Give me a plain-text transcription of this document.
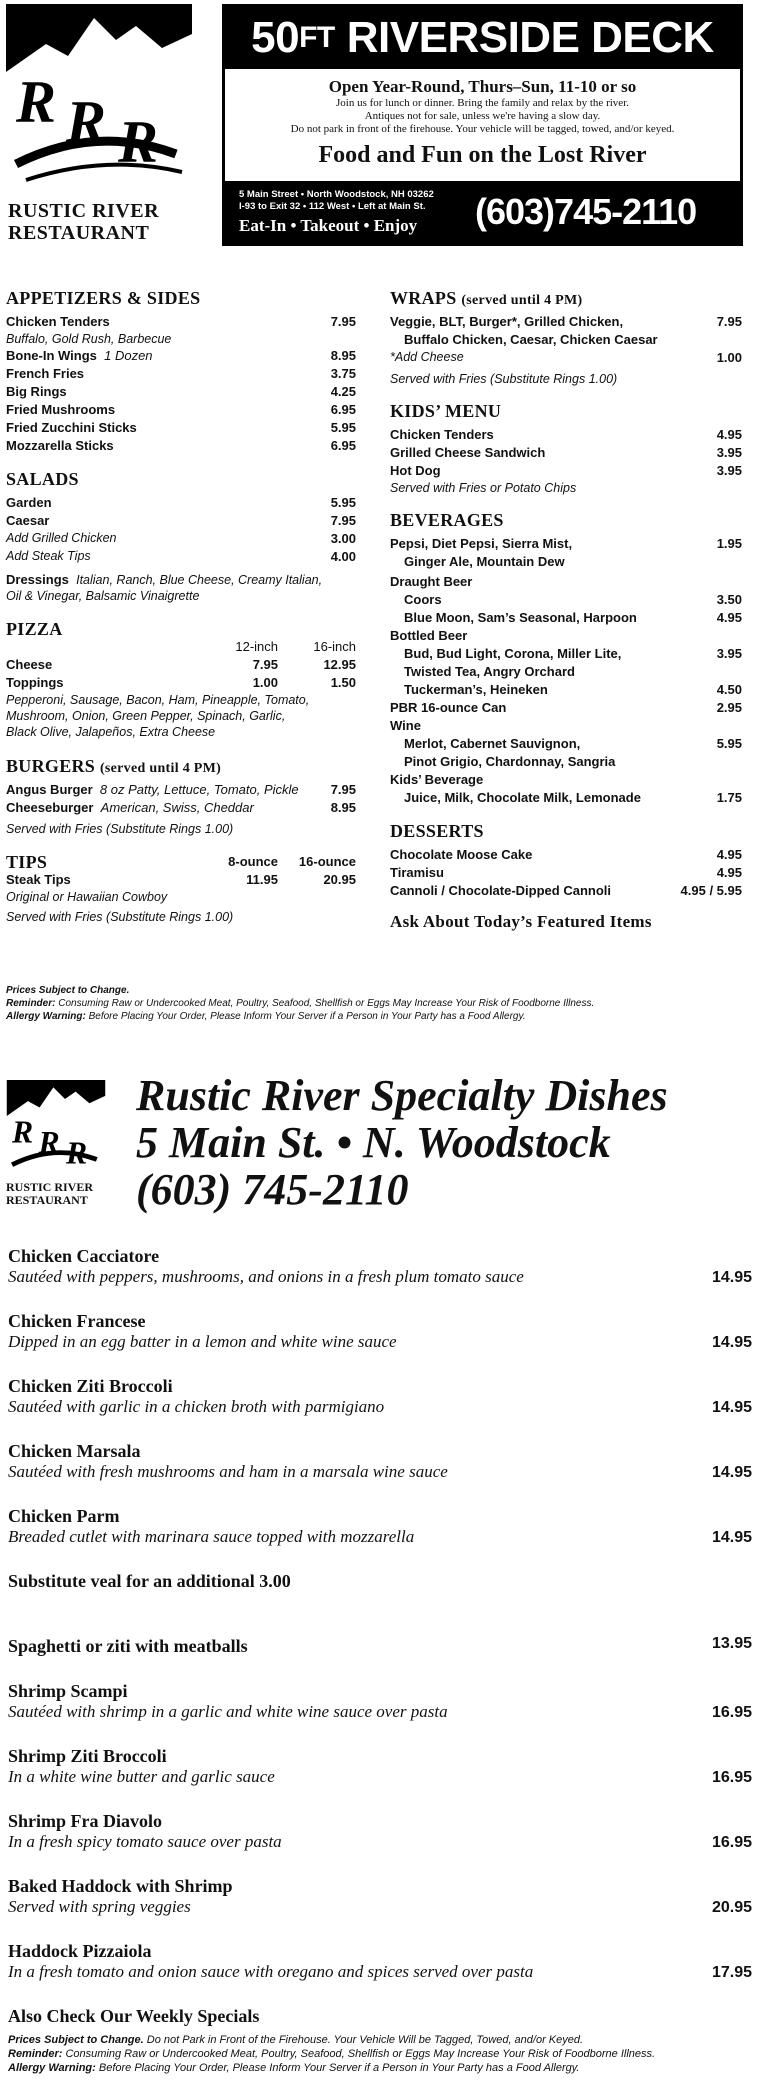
R R R
RUSTIC RIVER
RESTAURANT
50 FT RIVERSIDE DECK
Open Year-Round, Thurs–Sun, 11-10 or so
Join us for lunch or dinner. Bring the family and relax by the river.
Antiques not for sale, unless we're having a slow day.
Do not park in front of the firehouse. Your vehicle will be tagged, towed, and/or keyed.
Food and Fun on the Lost River
5 Main Street • North Woodstock, NH 03262
I-93 to Exit 32 • 112 West • Left at Main St.
Eat-In • Takeout • Enjoy	(603)745-2110
APPETIZERS & SIDES
Chicken Tenders	7.95
Buffalo, Gold Rush, Barbecue
Bone-In Wings 1 Dozen	8.95
French Fries	3.75
Big Rings	4.25
Fried Mushrooms	6.95
Fried Zucchini Sticks	5.95
Mozzarella Sticks	6.95
SALADS
Garden	5.95
Caesar	7.95
Add Grilled Chicken	3.00
Add Steak Tips	4.00
Dressings Italian, Ranch, Blue Cheese, Creamy Italian,
Oil & Vinegar, Balsamic Vinaigrette
PIZZA
12-inch	16-inch
Cheese	7.95	12.95
Toppings	1.00	1.50
Pepperoni, Sausage, Bacon, Ham, Pineapple, Tomato,
Mushroom, Onion, Green Pepper, Spinach, Garlic,
Black Olive, Jalapeños, Extra Cheese
BURGERS (served until 4 PM)
Angus Burger 8 oz Patty, Lettuce, Tomato, Pickle 7.95
Cheeseburger American, Swiss, Cheddar	8.95
Served with Fries (Substitute Rings 1.00)
TIPS	8-ounce	16-ounce
Steak Tips	11.95	20.95
Original or Hawaiian Cowboy
Served with Fries (Substitute Rings 1.00)
WRAPS (served until 4 PM)
Veggie, BLT, Burger*, Grilled Chicken,	7.95
Buffalo Chicken, Caesar, Chicken Caesar
*Add Cheese	1.00
Served with Fries (Substitute Rings 1.00)
KIDS’ MENU
Chicken Tenders	4.95
Grilled Cheese Sandwich	3.95
Hot Dog	3.95
Served with Fries or Potato Chips
BEVERAGES
Pepsi, Diet Pepsi, Sierra Mist,	1.95
Ginger Ale, Mountain Dew
Draught Beer
Coors	3.50
Blue Moon, Sam’s Seasonal, Harpoon	4.95
Bottled Beer
Bud, Bud Light, Corona, Miller Lite,	3.95
Twisted Tea, Angry Orchard
Tuckerman’s, Heineken	4.50
PBR 16-ounce Can	2.95
Wine
Merlot, Cabernet Sauvignon,	5.95
Pinot Grigio, Chardonnay, Sangria
Kids’ Beverage
Juice, Milk, Chocolate Milk, Lemonade	1.75
DESSERTS
Chocolate Moose Cake	4.95
Tiramisu	4.95
Cannoli / Chocolate-Dipped Cannoli	4.95 / 5.95
Ask About Today’s Featured Items
Prices Subject to Change.
Reminder: Consuming Raw or Undercooked Meat, Poultry, Seafood, Shellfish or Eggs May Increase Your Risk of Foodborne Illness.
Allergy Warning: Before Placing Your Order, Please Inform Your Server if a Person in Your Party has a Food Allergy.
R R R
RUSTIC RIVER
RESTAURANT
Rustic River Specialty Dishes
5 Main St. • N. Woodstock
(603) 745-2110
Chicken Cacciatore
Sautéed with peppers, mushrooms, and onions in a fresh plum tomato sauce	14.95
Chicken Francese
Dipped in an egg batter in a lemon and white wine sauce	14.95
Chicken Ziti Broccoli
Sautéed with garlic in a chicken broth with parmigiano	14.95
Chicken Marsala
Sautéed with fresh mushrooms and ham in a marsala wine sauce	14.95
Chicken Parm
Breaded cutlet with marinara sauce topped with mozzarella	14.95
Substitute veal for an additional 3.00
Spaghetti or ziti with meatballs	13.95
Shrimp Scampi
Sautéed with shrimp in a garlic and white wine sauce over pasta	16.95
Shrimp Ziti Broccoli
In a white wine butter and garlic sauce	16.95
Shrimp Fra Diavolo
In a fresh spicy tomato sauce over pasta	16.95
Baked Haddock with Shrimp
Served with spring veggies	20.95
Haddock Pizzaiola
In a fresh tomato and onion sauce with oregano and spices served over pasta	17.95
Also Check Our Weekly Specials
Prices Subject to Change. Do not Park in Front of the Firehouse. Your Vehicle Will be Tagged, Towed, and/or Keyed.
Reminder: Consuming Raw or Undercooked Meat, Poultry, Seafood, Shellfish or Eggs May Increase Your Risk of Foodborne Illness.
Allergy Warning: Before Placing Your Order, Please Inform Your Server if a Person in Your Party has a Food Allergy.
